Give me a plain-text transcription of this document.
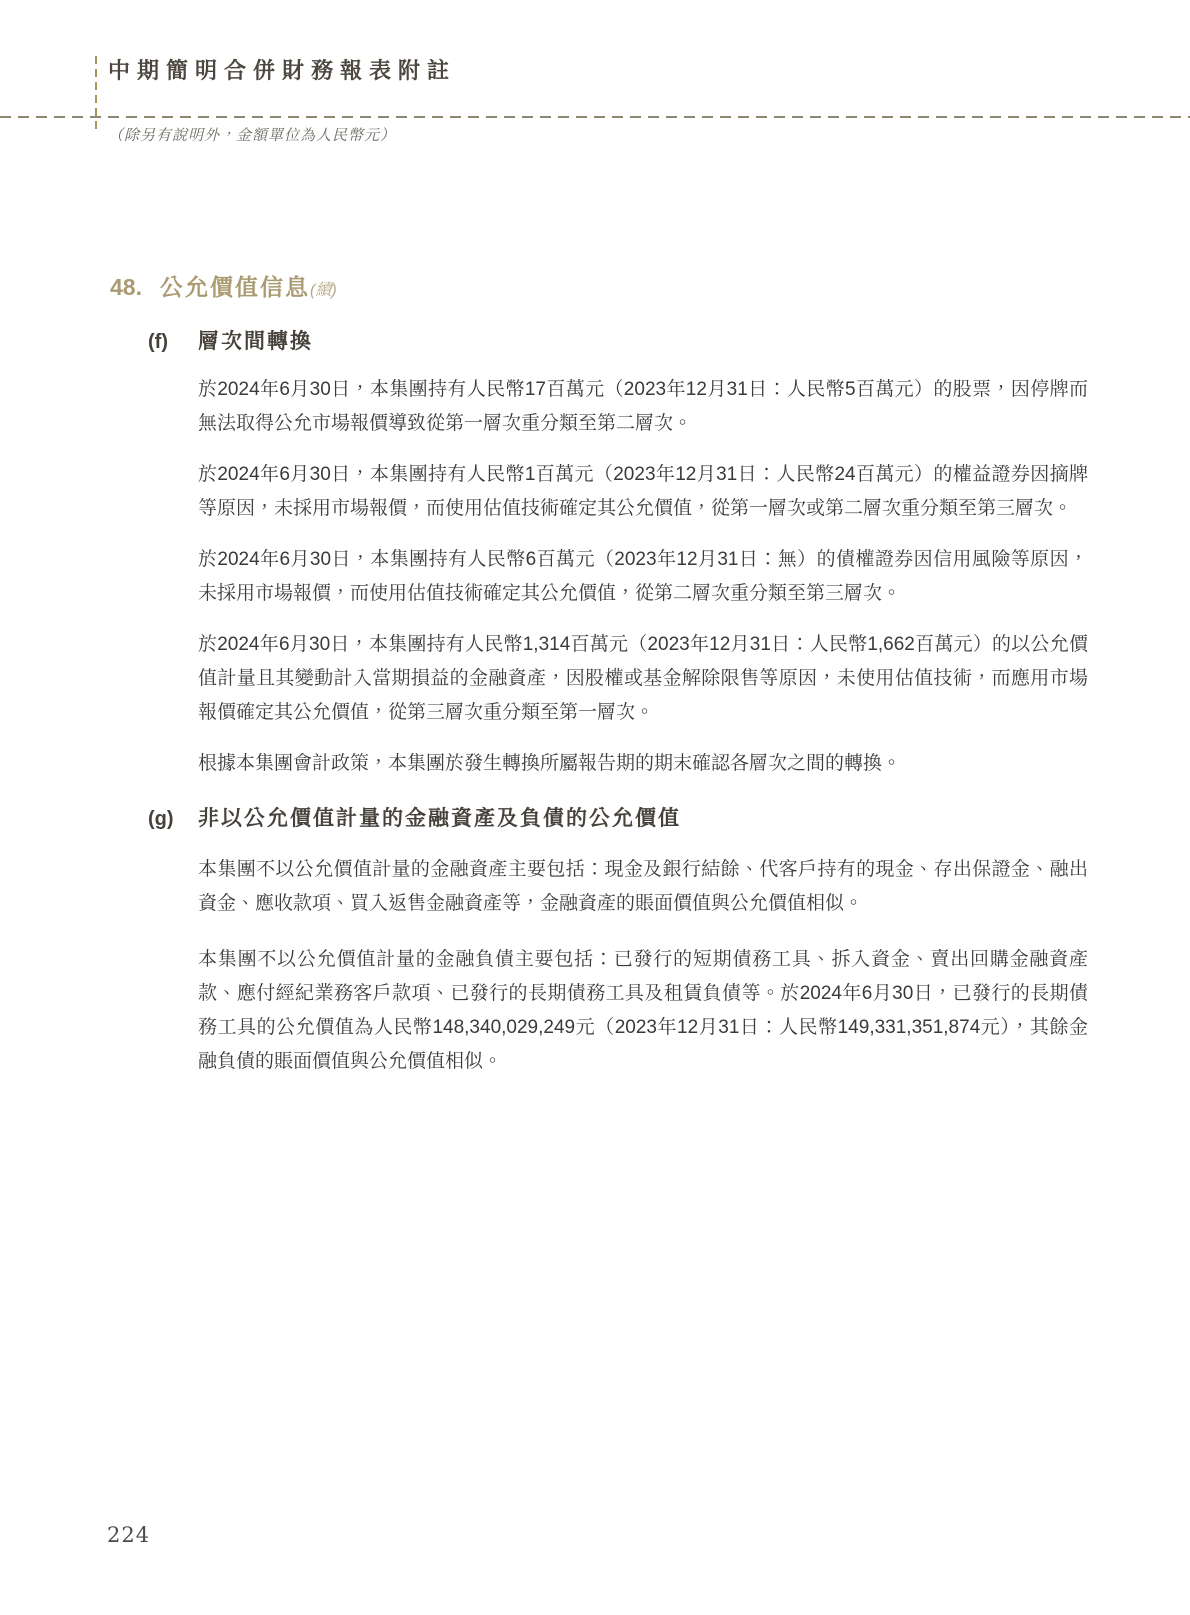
中期簡明合併財務報表附註

（除另有說明外，金額單位為人民幣元）

48. 公允價值信息(續)
(f)	層次間轉換

於2024年6月30日，本集團持有人民幣17百萬元（2023年12月31日：人民幣5百萬元）的股票，因停牌而無法取得公允市場報價導致從第一層次重分類至第二層次。

於2024年6月30日，本集團持有人民幣1百萬元（2023年12月31日：人民幣24百萬元）的權益證券因摘牌等原因，未採用市場報價，而使用估值技術確定其公允價值，從第一層次或第二層次重分類至第三層次。

於2024年6月30日，本集團持有人民幣6百萬元（2023年12月31日：無）的債權證券因信用風險等原因，未採用市場報價，而使用估值技術確定其公允價值，從第二層次重分類至第三層次。

於2024年6月30日，本集團持有人民幣1,314百萬元（2023年12月31日：人民幣1,662百萬元）的以公允價值計量且其變動計入當期損益的金融資產，因股權或基金解除限售等原因，未使用估值技術，而應用市場報價確定其公允價值，從第三層次重分類至第一層次。

根據本集團會計政策，本集團於發生轉換所屬報告期的期末確認各層次之間的轉換。

(g)	非以公允價值計量的金融資產及負債的公允價值

本集團不以公允價值計量的金融資產主要包括：現金及銀行結餘、代客戶持有的現金、存出保證金、融出資金、應收款項、買入返售金融資產等，金融資產的賬面價值與公允價值相似。

本集團不以公允價值計量的金融負債主要包括：已發行的短期債務工具、拆入資金、賣出回購金融資產款、應付經紀業務客戶款項、已發行的長期債務工具及租賃負債等。於2024年6月30日，已發行的長期債務工具的公允價值為人民幣148,340,029,249元（2023年12月31日：人民幣149,331,351,874元），其餘金融負債的賬面價值與公允價值相似。

224
